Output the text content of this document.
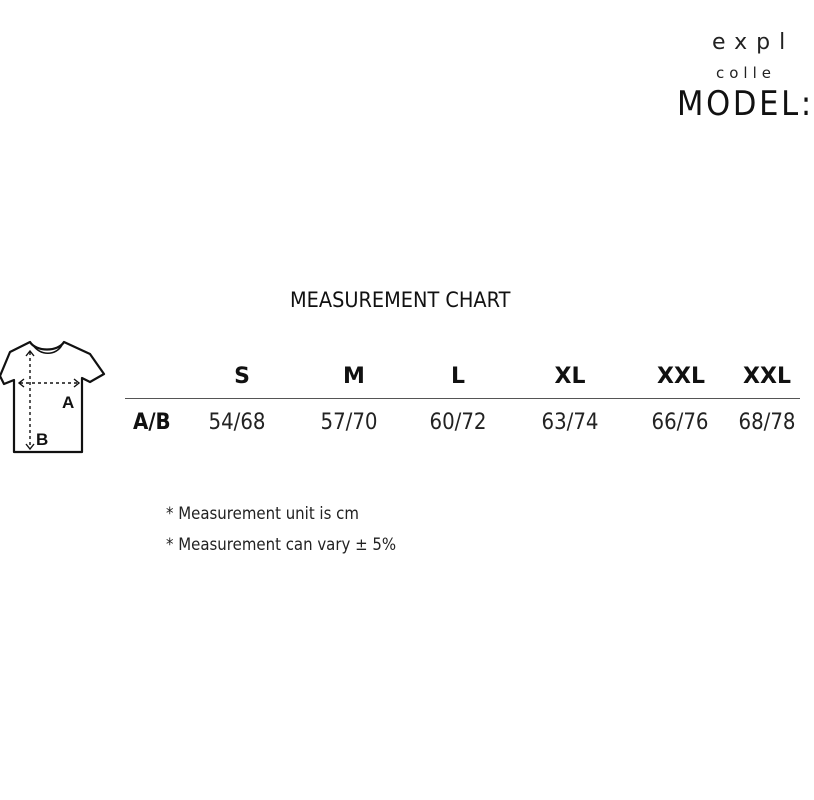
expl
colle
MODEL:
MEASUREMENT CHART
A
B
S	M	L	XL	XXL XXL
A/B 54/68 57/70 60/72 63/74 66/76 68/78
* Measurement unit is cm
* Measurement can vary ± 5%
